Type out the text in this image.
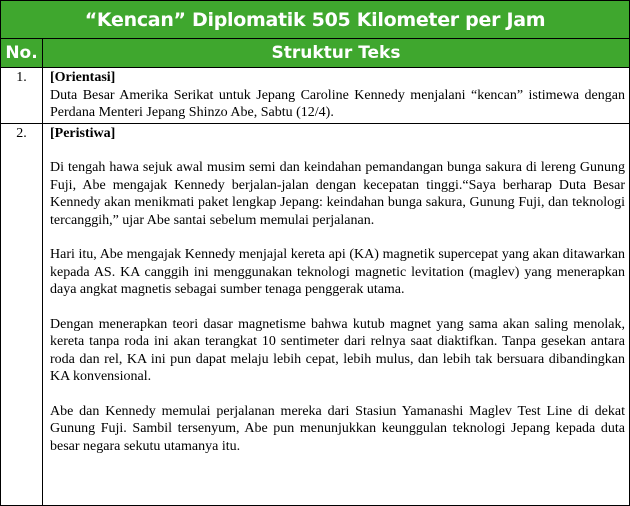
“Kencan” Diplomatik 505 Kilometer per Jam	
No.	Struktur Teks
1.	[Orientasi]
Duta Besar Amerika Serikat untuk Jepang Caroline Kennedy menjalani “kencan” istimewa dengan Perdana Menteri Jepang Shinzo Abe, Sabtu (12/4).

2.	[Peristiwa]
Di tengah hawa sejuk awal musim semi dan keindahan pemandangan bunga sakura di lereng Gunung Fuji, Abe mengajak Kennedy berjalan-jalan dengan kecepatan tinggi.“Saya berharap Duta Besar Kennedy akan menikmati paket lengkap Jepang: keindahan bunga sakura, Gunung Fuji, dan teknologi tercanggih,” ujar Abe santai sebelum memulai perjalanan.
Hari itu, Abe mengajak Kennedy menjajal kereta api (KA) magnetik supercepat yang akan ditawarkan kepada AS. KA canggih ini menggunakan teknologi magnetic levitation (maglev) yang menerapkan daya angkat magnetis sebagai sumber tenaga penggerak utama.
Dengan menerapkan teori dasar magnetisme bahwa kutub magnet yang sama akan saling menolak, kereta tanpa roda ini akan terangkat 10 sentimeter dari relnya saat diaktifkan. Tanpa gesekan antara roda dan rel, KA ini pun dapat melaju lebih cepat, lebih mulus, dan lebih tak bersuara dibandingkan KA konvensional.
Abe dan Kennedy memulai perjalanan mereka dari Stasiun Yamanashi Maglev Test Line di dekat Gunung Fuji. Sambil tersenyum, Abe pun menunjukkan keunggulan teknologi Jepang kepada duta besar negara sekutu utamanya itu.
